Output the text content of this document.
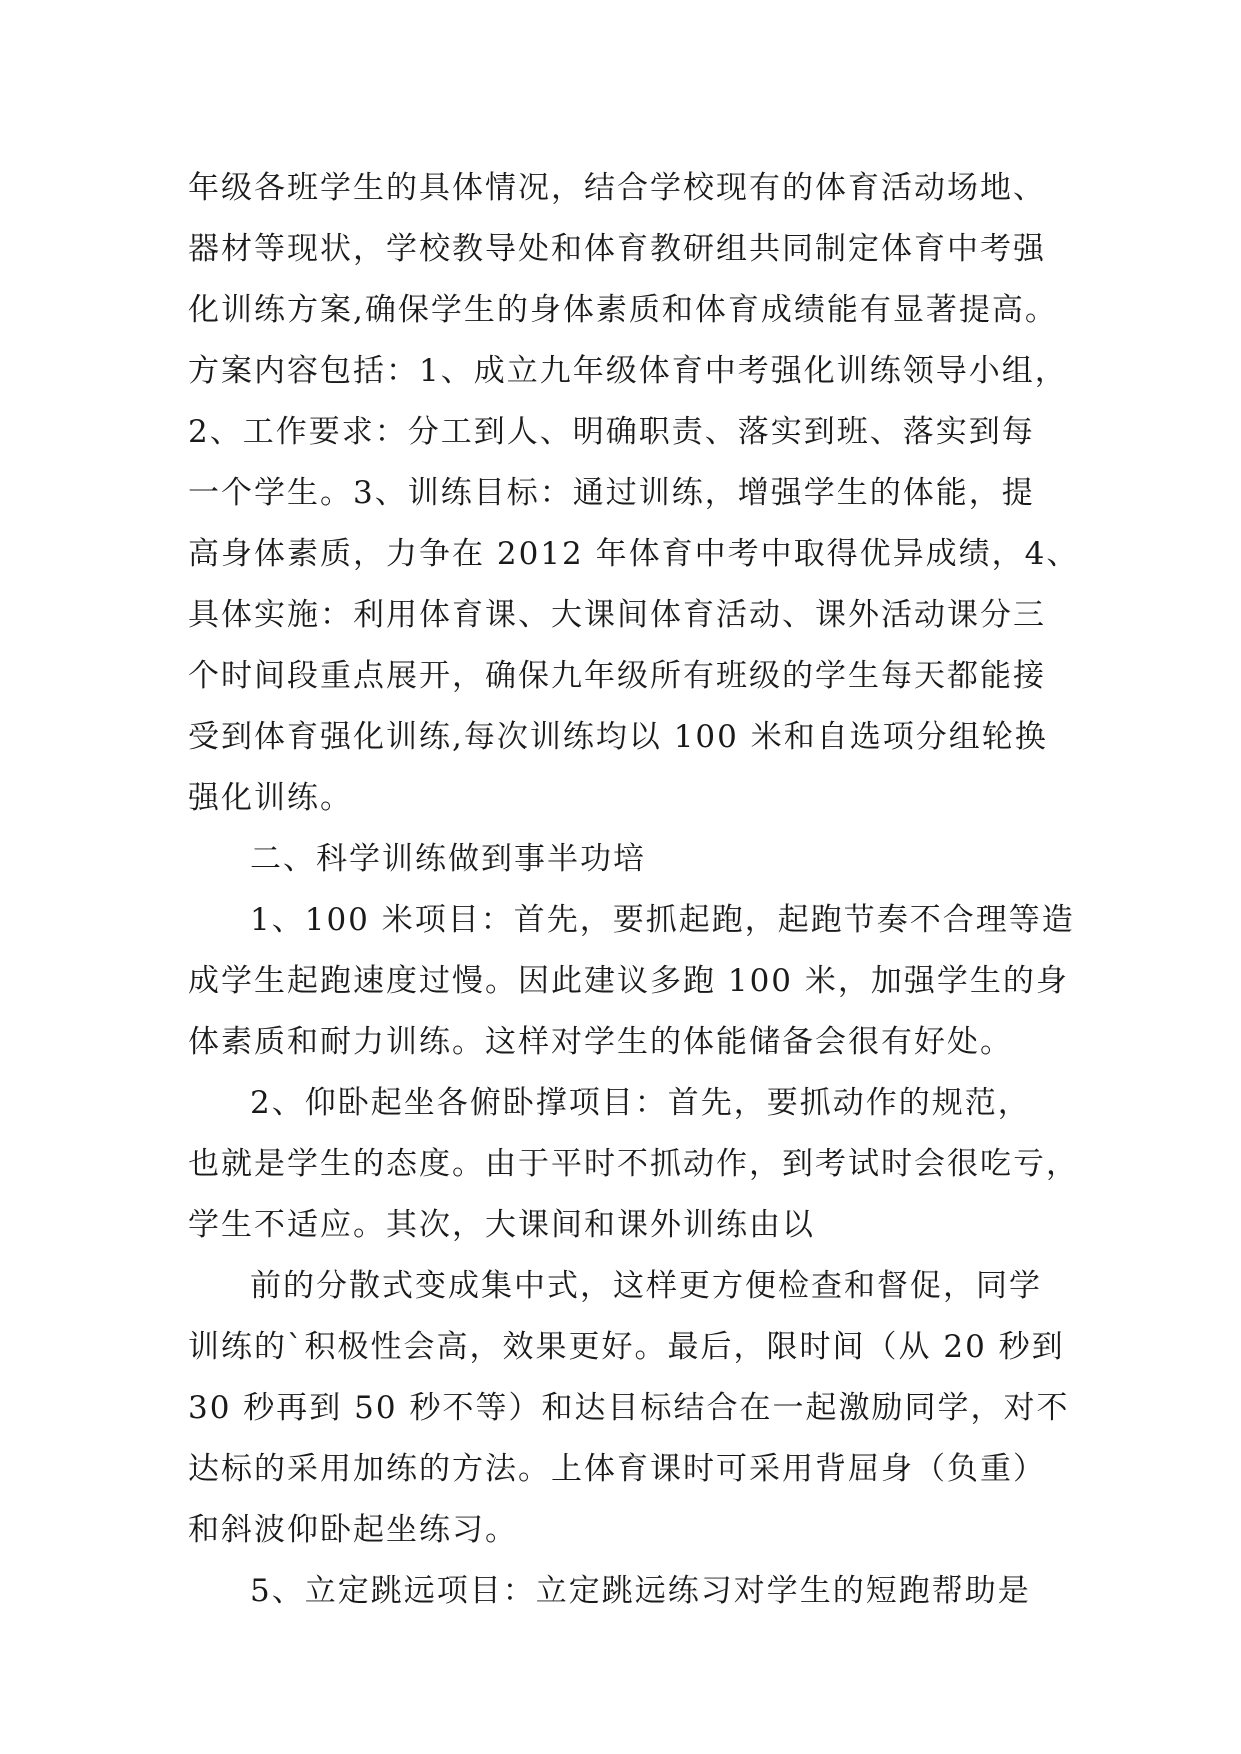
年级各班学生的具体情况，结合学校现有的体育活动场地、
器材等现状，学校教导处和体育教研组共同制定体育中考强
化训练方案,确保学生的身体素质和体育成绩能有显著提高。
方案内容包括：1、成立九年级体育中考强化训练领导小组，
2、工作要求：分工到人、明确职责、落实到班、落实到每
一个学生。3、训练目标：通过训练，增强学生的体能，提
高身体素质，力争在 2012 年体育中考中取得优异成绩，4、
具体实施：利用体育课、大课间体育活动、课外活动课分三
个时间段重点展开，确保九年级所有班级的学生每天都能接
受到体育强化训练,每次训练均以 100 米和自选项分组轮换
强化训练。
二、科学训练做到事半功培
1、100 米项目：首先，要抓起跑，起跑节奏不合理等造
成学生起跑速度过慢。因此建议多跑 100 米，加强学生的身
体素质和耐力训练。这样对学生的体能储备会很有好处。
2、仰卧起坐各俯卧撑项目：首先，要抓动作的规范，
也就是学生的态度。由于平时不抓动作，到考试时会很吃亏，
学生不适应。其次，大课间和课外训练由以
前的分散式变成集中式，这样更方便检查和督促，同学
训练的`积极性会高，效果更好。最后，限时间（从 20 秒到
30 秒再到 50 秒不等）和达目标结合在一起激励同学，对不
达标的采用加练的方法。上体育课时可采用背屈身（负重）
和斜波仰卧起坐练习。
5、立定跳远项目：立定跳远练习对学生的短跑帮助是
